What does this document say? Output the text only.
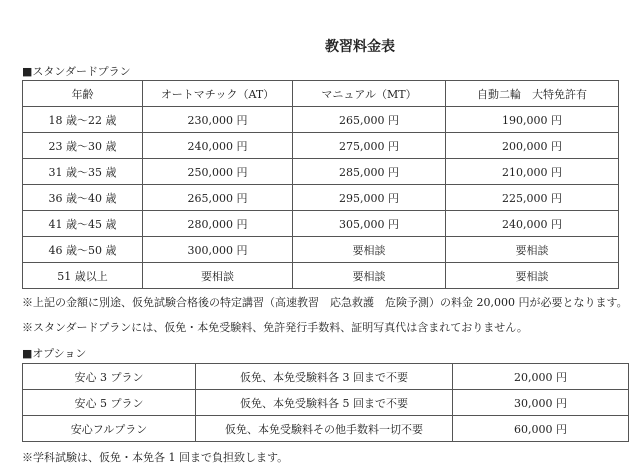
教習料金表
■スタンダードプラン
年齢	オートマチック（AT）	マニュアル（MT）	自動二輪　大特免許有
18 歳～22 歳	230,000 円	265,000 円	190,000 円
23 歳～30 歳	240,000 円	275,000 円	200,000 円
31 歳～35 歳	250,000 円	285,000 円	210,000 円
36 歳～40 歳	265,000 円	295,000 円	225,000 円
41 歳～45 歳	280,000 円	305,000 円	240,000 円
46 歳～50 歳	300,000 円	要相談	要相談
51 歳以上	要相談	要相談	要相談
※上記の金額に別途、仮免試験合格後の特定講習（高速教習　応急救護　危険予測）の料金 20,000 円が必要となります。
※スタンダードプランには、仮免・本免受験料、免許発行手数料、証明写真代は含まれておりません。
■オプション
安心 3 プラン	仮免、本免受験料各 3 回まで不要	20,000 円
安心 5 プラン	仮免、本免受験料各 5 回まで不要	30,000 円
安心フルプラン	仮免、本免受験料その他手数料一切不要	60,000 円
※学科試験は、仮免・本免各 1 回まで負担致します。
